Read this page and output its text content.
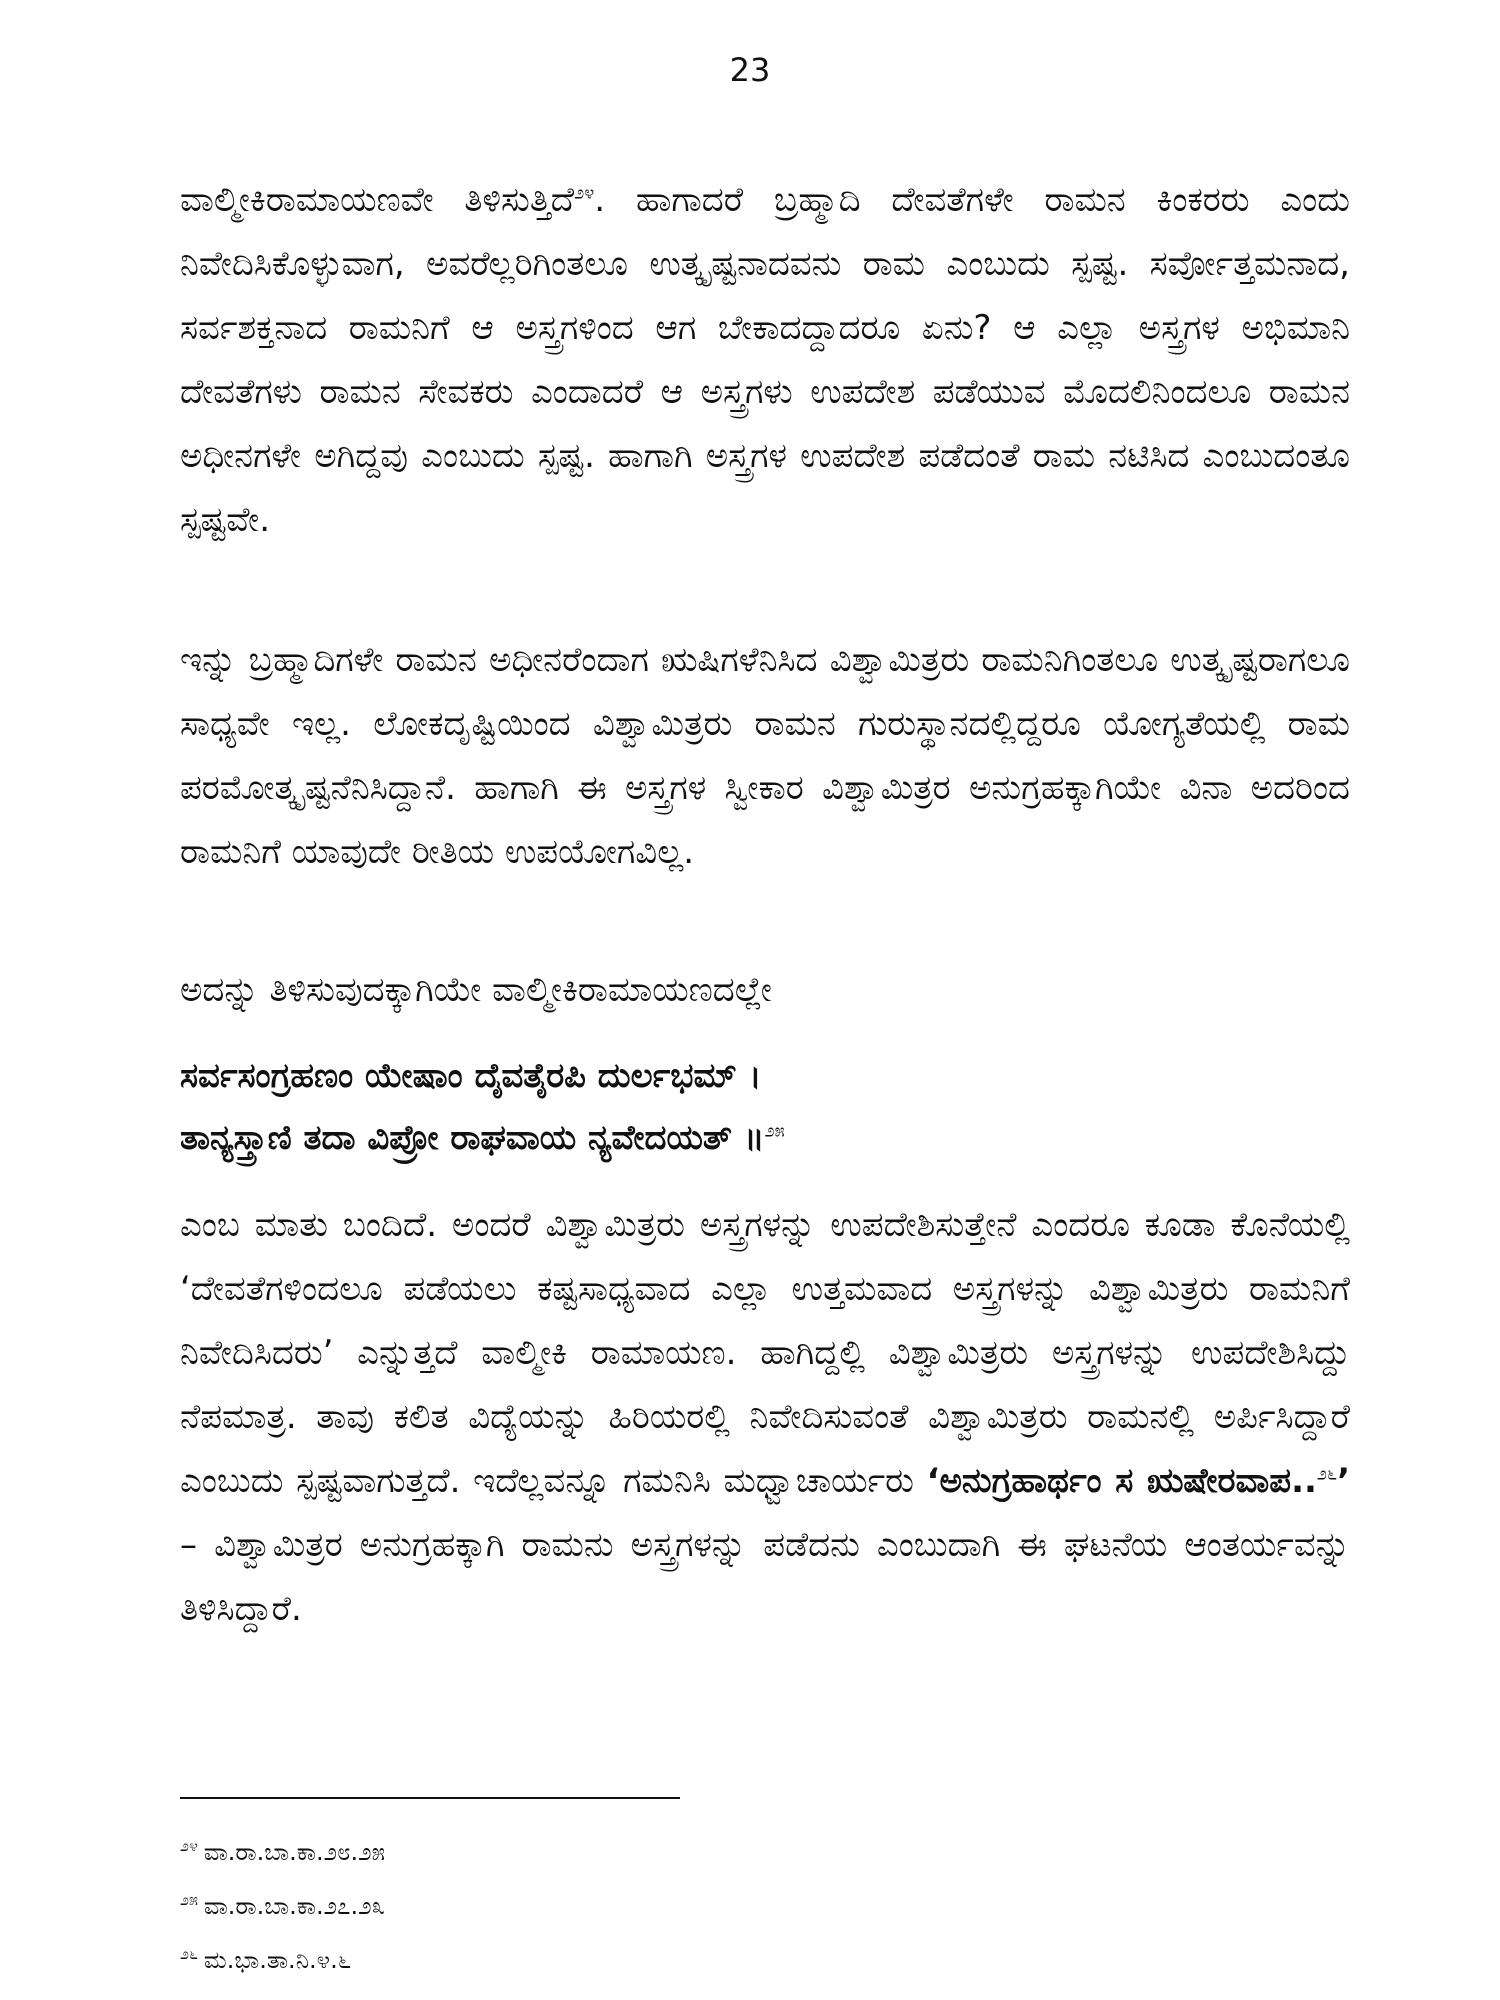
23

ವಾಲ್ಮೀಕಿರಾಮಾಯಣವೇ ತಿಳಿಸುತ್ತಿದೆ$^{೨೪}$. ಹಾಗಾದರೆ ಬ್ರಹ್ಮಾದಿ ದೇವತೆಗಳೇ ರಾಮನ ಕಿಂಕರರು ಎಂದು ನಿವೇದಿಸಿಕೊಳ್ಳುವಾಗ, ಅವರೆಲ್ಲರಿಗಿಂತಲೂ ಉತ್ಕೃಷ್ಟನಾದವನು ರಾಮ ಎಂಬುದು ಸ್ಪಷ್ಟ. ಸರ್ವೋತ್ತಮನಾದ, ಸರ್ವಶಕ್ತನಾದ ರಾಮನಿಗೆ ಆ ಅಸ್ತ್ರಗಳಿಂದ ಆಗ ಬೇಕಾದದ್ದಾದರೂ ಏನು? ಆ ಎಲ್ಲಾ ಅಸ್ತ್ರಗಳ ಅಭಿಮಾನಿ ದೇವತೆಗಳು ರಾಮನ ಸೇವಕರು ಎಂದಾದರೆ ಆ ಅಸ್ತ್ರಗಳು ಉಪದೇಶ ಪಡೆಯುವ ಮೊದಲಿನಿಂದಲೂ ರಾಮನ ಅಧೀನಗಳೇ ಅಗಿದ್ದವು ಎಂಬುದು ಸ್ಪಷ್ಟ. ಹಾಗಾಗಿ ಅಸ್ತ್ರಗಳ ಉಪದೇಶ ಪಡೆದಂತೆ ರಾಮ ನಟಿಸಿದ ಎಂಬುದಂತೂ ಸ್ಪಷ್ಟವೇ.

ಇನ್ನು ಬ್ರಹ್ಮಾದಿಗಳೇ ರಾಮನ ಅಧೀನರೆಂದಾಗ ಋಷಿಗಳೆನಿಸಿದ ವಿಶ್ವಾಮಿತ್ರರು ರಾಮನಿಗಿಂತಲೂ ಉತ್ಕೃಷ್ಟರಾಗಲೂ ಸಾಧ್ಯವೇ ಇಲ್ಲ. ಲೋಕದೃಷ್ಟಿಯಿಂದ ವಿಶ್ವಾಮಿತ್ರರು ರಾಮನ ಗುರುಸ್ಥಾನದಲ್ಲಿದ್ದರೂ ಯೋಗ್ಯತೆಯಲ್ಲಿ ರಾಮ ಪರಮೋತ್ಕೃಷ್ಟನೆನಿಸಿದ್ದಾನೆ. ಹಾಗಾಗಿ ಈ ಅಸ್ತ್ರಗಳ ಸ್ವೀಕಾರ ವಿಶ್ವಾಮಿತ್ರರ ಅನುಗ್ರಹಕ್ಕಾಗಿಯೇ ವಿನಾ ಅದರಿಂದ ರಾಮನಿಗೆ ಯಾವುದೇ ರೀತಿಯ ಉಪಯೋಗವಿಲ್ಲ.

ಅದನ್ನು ತಿಳಿಸುವುದಕ್ಕಾಗಿಯೇ ವಾಲ್ಮೀಕಿರಾಮಾಯಣದಲ್ಲೇ

ಸರ್ವಸಂಗ್ರಹಣಂ ಯೇಷಾಂ ದೈವತೈರಪಿ ದುರ್ಲಭಮ್ ।
ತಾನ್ಯಸ್ತ್ರಾಣಿ ತದಾ ವಿಪ್ರೋ ರಾಘವಾಯ ನ್ಯವೇದಯತ್ ॥$^{೨೫}$

ಎಂಬ ಮಾತು ಬಂದಿದೆ. ಅಂದರೆ ವಿಶ್ವಾಮಿತ್ರರು ಅಸ್ತ್ರಗಳನ್ನು ಉಪದೇಶಿಸುತ್ತೇನೆ ಎಂದರೂ ಕೂಡಾ ಕೊನೆಯಲ್ಲಿ ‘ದೇವತೆಗಳಿಂದಲೂ ಪಡೆಯಲು ಕಷ್ಟಸಾಧ್ಯವಾದ ಎಲ್ಲಾ ಉತ್ತಮವಾದ ಅಸ್ತ್ರಗಳನ್ನು ವಿಶ್ವಾಮಿತ್ರರು ರಾಮನಿಗೆ ನಿವೇದಿಸಿದರು’ ಎನ್ನುತ್ತದೆ ವಾಲ್ಮೀಕಿ ರಾಮಾಯಣ. ಹಾಗಿದ್ದಲ್ಲಿ ವಿಶ್ವಾಮಿತ್ರರು ಅಸ್ತ್ರಗಳನ್ನು ಉಪದೇಶಿಸಿದ್ದು ನೆಪಮಾತ್ರ. ತಾವು ಕಲಿತ ವಿದ್ಯೆಯನ್ನು ಹಿರಿಯರಲ್ಲಿ ನಿವೇದಿಸುವಂತೆ ವಿಶ್ವಾಮಿತ್ರರು ರಾಮನಲ್ಲಿ ಅರ್ಪಿಸಿದ್ದಾರೆ ಎಂಬುದು ಸ್ಪಷ್ಟವಾಗುತ್ತದೆ. ಇದೆಲ್ಲವನ್ನೂ ಗಮನಿಸಿ ಮಧ್ವಾಚಾರ್ಯರು ‘ಅನುಗ್ರಹಾರ್ಥಂ ಸ ಋಷೇರವಾಪ..$^{೨೬}$’ – ವಿಶ್ವಾಮಿತ್ರರ ಅನುಗ್ರಹಕ್ಕಾಗಿ ರಾಮನು ಅಸ್ತ್ರಗಳನ್ನು ಪಡೆದನು ಎಂಬುದಾಗಿ ಈ ಘಟನೆಯ ಆಂತರ್ಯವನ್ನು ತಿಳಿಸಿದ್ದಾರೆ.

$^{೨೪}$ ವಾ.ರಾ.ಬಾ.ಕಾ.೨೮.೨೫
$^{೨೫}$ ವಾ.ರಾ.ಬಾ.ಕಾ.೨೭.೨೩
$^{೨೬}$ ಮ.ಭಾ.ತಾ.ನಿ.೪.೬
